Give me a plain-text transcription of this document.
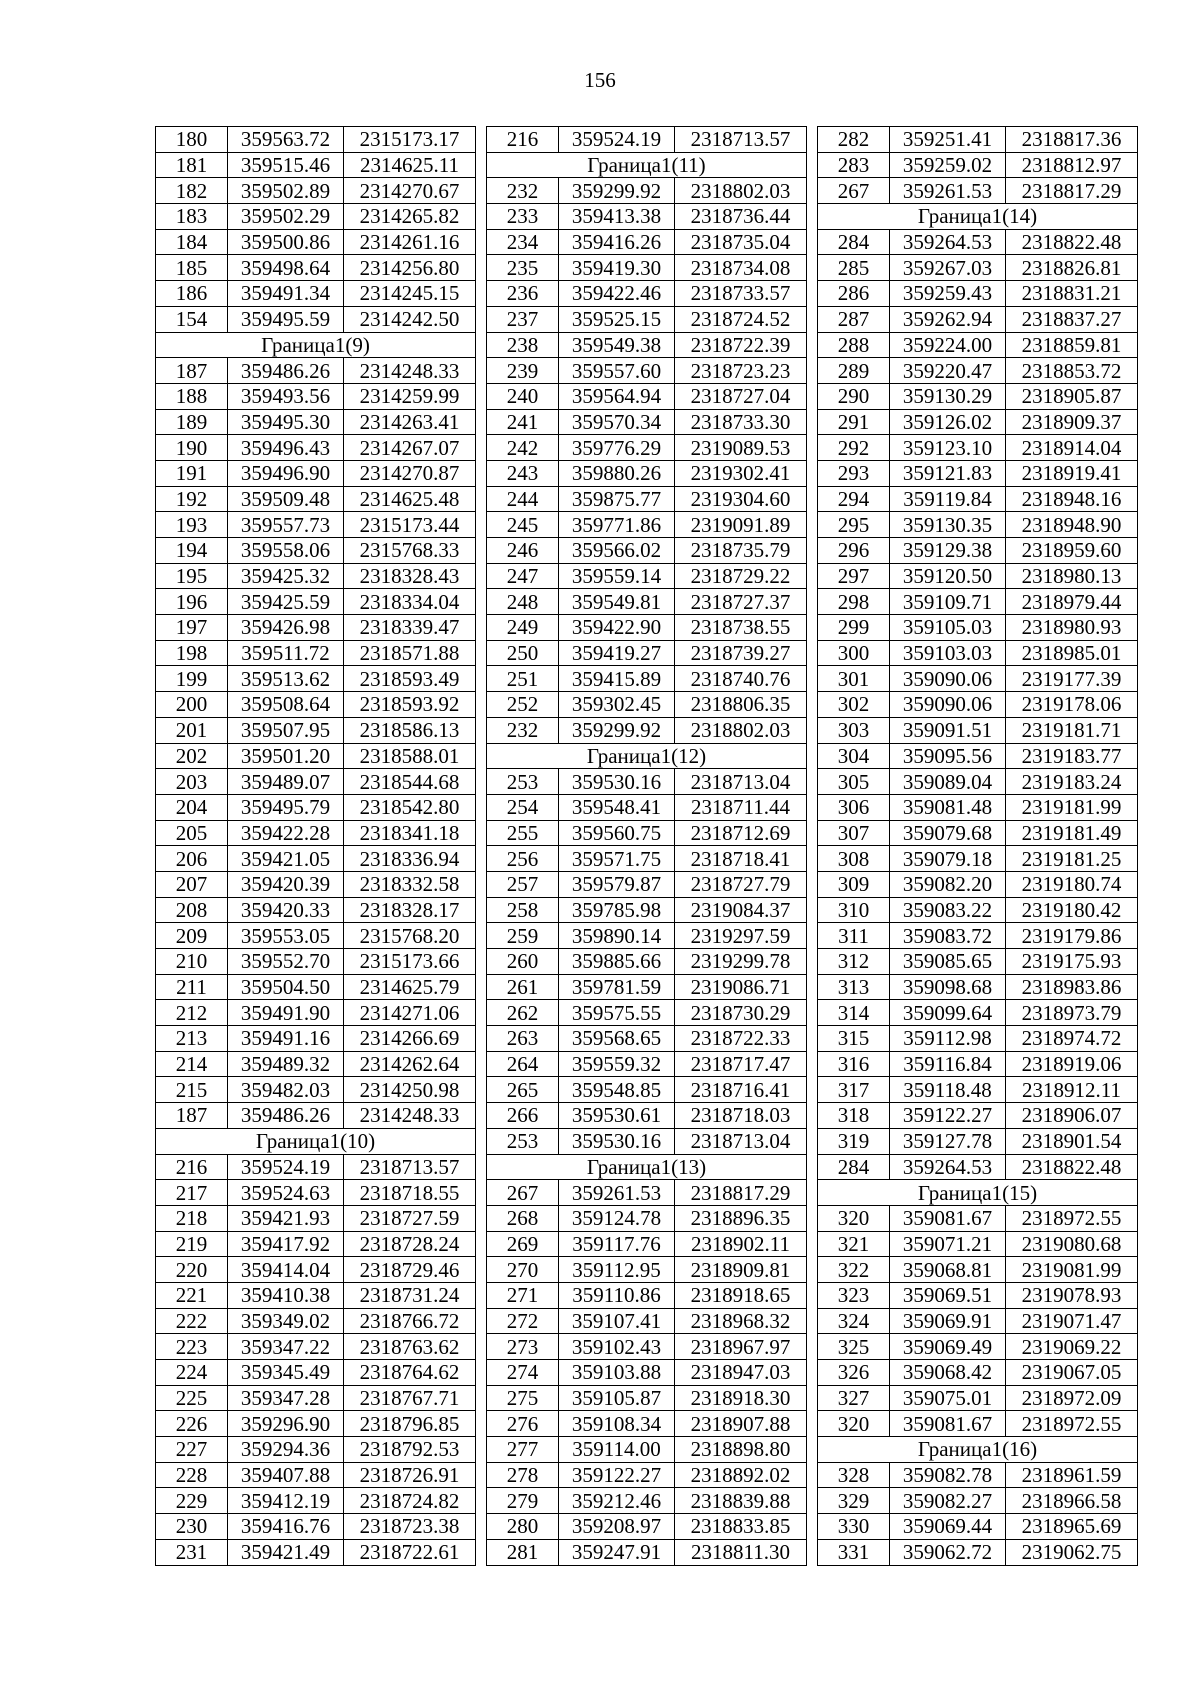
156
180	359563.72	2315173.17
181	359515.46	2314625.11
182	359502.89	2314270.67
183	359502.29	2314265.82
184	359500.86	2314261.16
185	359498.64	2314256.80
186	359491.34	2314245.15
154	359495.59	2314242.50
Граница1(9)		
187	359486.26	2314248.33
188	359493.56	2314259.99
189	359495.30	2314263.41
190	359496.43	2314267.07
191	359496.90	2314270.87
192	359509.48	2314625.48
193	359557.73	2315173.44
194	359558.06	2315768.33
195	359425.32	2318328.43
196	359425.59	2318334.04
197	359426.98	2318339.47
198	359511.72	2318571.88
199	359513.62	2318593.49
200	359508.64	2318593.92
201	359507.95	2318586.13
202	359501.20	2318588.01
203	359489.07	2318544.68
204	359495.79	2318542.80
205	359422.28	2318341.18
206	359421.05	2318336.94
207	359420.39	2318332.58
208	359420.33	2318328.17
209	359553.05	2315768.20
210	359552.70	2315173.66
211	359504.50	2314625.79
212	359491.90	2314271.06
213	359491.16	2314266.69
214	359489.32	2314262.64
215	359482.03	2314250.98
187	359486.26	2314248.33
Граница1(10)		
216	359524.19	2318713.57
217	359524.63	2318718.55
218	359421.93	2318727.59
219	359417.92	2318728.24
220	359414.04	2318729.46
221	359410.38	2318731.24
222	359349.02	2318766.72
223	359347.22	2318763.62
224	359345.49	2318764.62
225	359347.28	2318767.71
226	359296.90	2318796.85
227	359294.36	2318792.53
228	359407.88	2318726.91
229	359412.19	2318724.82
230	359416.76	2318723.38
231	359421.49	2318722.61
216	359524.19	2318713.57
Граница1(11)		
232	359299.92	2318802.03
233	359413.38	2318736.44
234	359416.26	2318735.04
235	359419.30	2318734.08
236	359422.46	2318733.57
237	359525.15	2318724.52
238	359549.38	2318722.39
239	359557.60	2318723.23
240	359564.94	2318727.04
241	359570.34	2318733.30
242	359776.29	2319089.53
243	359880.26	2319302.41
244	359875.77	2319304.60
245	359771.86	2319091.89
246	359566.02	2318735.79
247	359559.14	2318729.22
248	359549.81	2318727.37
249	359422.90	2318738.55
250	359419.27	2318739.27
251	359415.89	2318740.76
252	359302.45	2318806.35
232	359299.92	2318802.03
Граница1(12)		
253	359530.16	2318713.04
254	359548.41	2318711.44
255	359560.75	2318712.69
256	359571.75	2318718.41
257	359579.87	2318727.79
258	359785.98	2319084.37
259	359890.14	2319297.59
260	359885.66	2319299.78
261	359781.59	2319086.71
262	359575.55	2318730.29
263	359568.65	2318722.33
264	359559.32	2318717.47
265	359548.85	2318716.41
266	359530.61	2318718.03
253	359530.16	2318713.04
Граница1(13)		
267	359261.53	2318817.29
268	359124.78	2318896.35
269	359117.76	2318902.11
270	359112.95	2318909.81
271	359110.86	2318918.65
272	359107.41	2318968.32
273	359102.43	2318967.97
274	359103.88	2318947.03
275	359105.87	2318918.30
276	359108.34	2318907.88
277	359114.00	2318898.80
278	359122.27	2318892.02
279	359212.46	2318839.88
280	359208.97	2318833.85
281	359247.91	2318811.30
282	359251.41	2318817.36
283	359259.02	2318812.97
267	359261.53	2318817.29
Граница1(14)		
284	359264.53	2318822.48
285	359267.03	2318826.81
286	359259.43	2318831.21
287	359262.94	2318837.27
288	359224.00	2318859.81
289	359220.47	2318853.72
290	359130.29	2318905.87
291	359126.02	2318909.37
292	359123.10	2318914.04
293	359121.83	2318919.41
294	359119.84	2318948.16
295	359130.35	2318948.90
296	359129.38	2318959.60
297	359120.50	2318980.13
298	359109.71	2318979.44
299	359105.03	2318980.93
300	359103.03	2318985.01
301	359090.06	2319177.39
302	359090.06	2319178.06
303	359091.51	2319181.71
304	359095.56	2319183.77
305	359089.04	2319183.24
306	359081.48	2319181.99
307	359079.68	2319181.49
308	359079.18	2319181.25
309	359082.20	2319180.74
310	359083.22	2319180.42
311	359083.72	2319179.86
312	359085.65	2319175.93
313	359098.68	2318983.86
314	359099.64	2318973.79
315	359112.98	2318974.72
316	359116.84	2318919.06
317	359118.48	2318912.11
318	359122.27	2318906.07
319	359127.78	2318901.54
284	359264.53	2318822.48
Граница1(15)		
320	359081.67	2318972.55
321	359071.21	2319080.68
322	359068.81	2319081.99
323	359069.51	2319078.93
324	359069.91	2319071.47
325	359069.49	2319069.22
326	359068.42	2319067.05
327	359075.01	2318972.09
320	359081.67	2318972.55
Граница1(16)		
328	359082.78	2318961.59
329	359082.27	2318966.58
330	359069.44	2318965.69
331	359062.72	2319062.75
